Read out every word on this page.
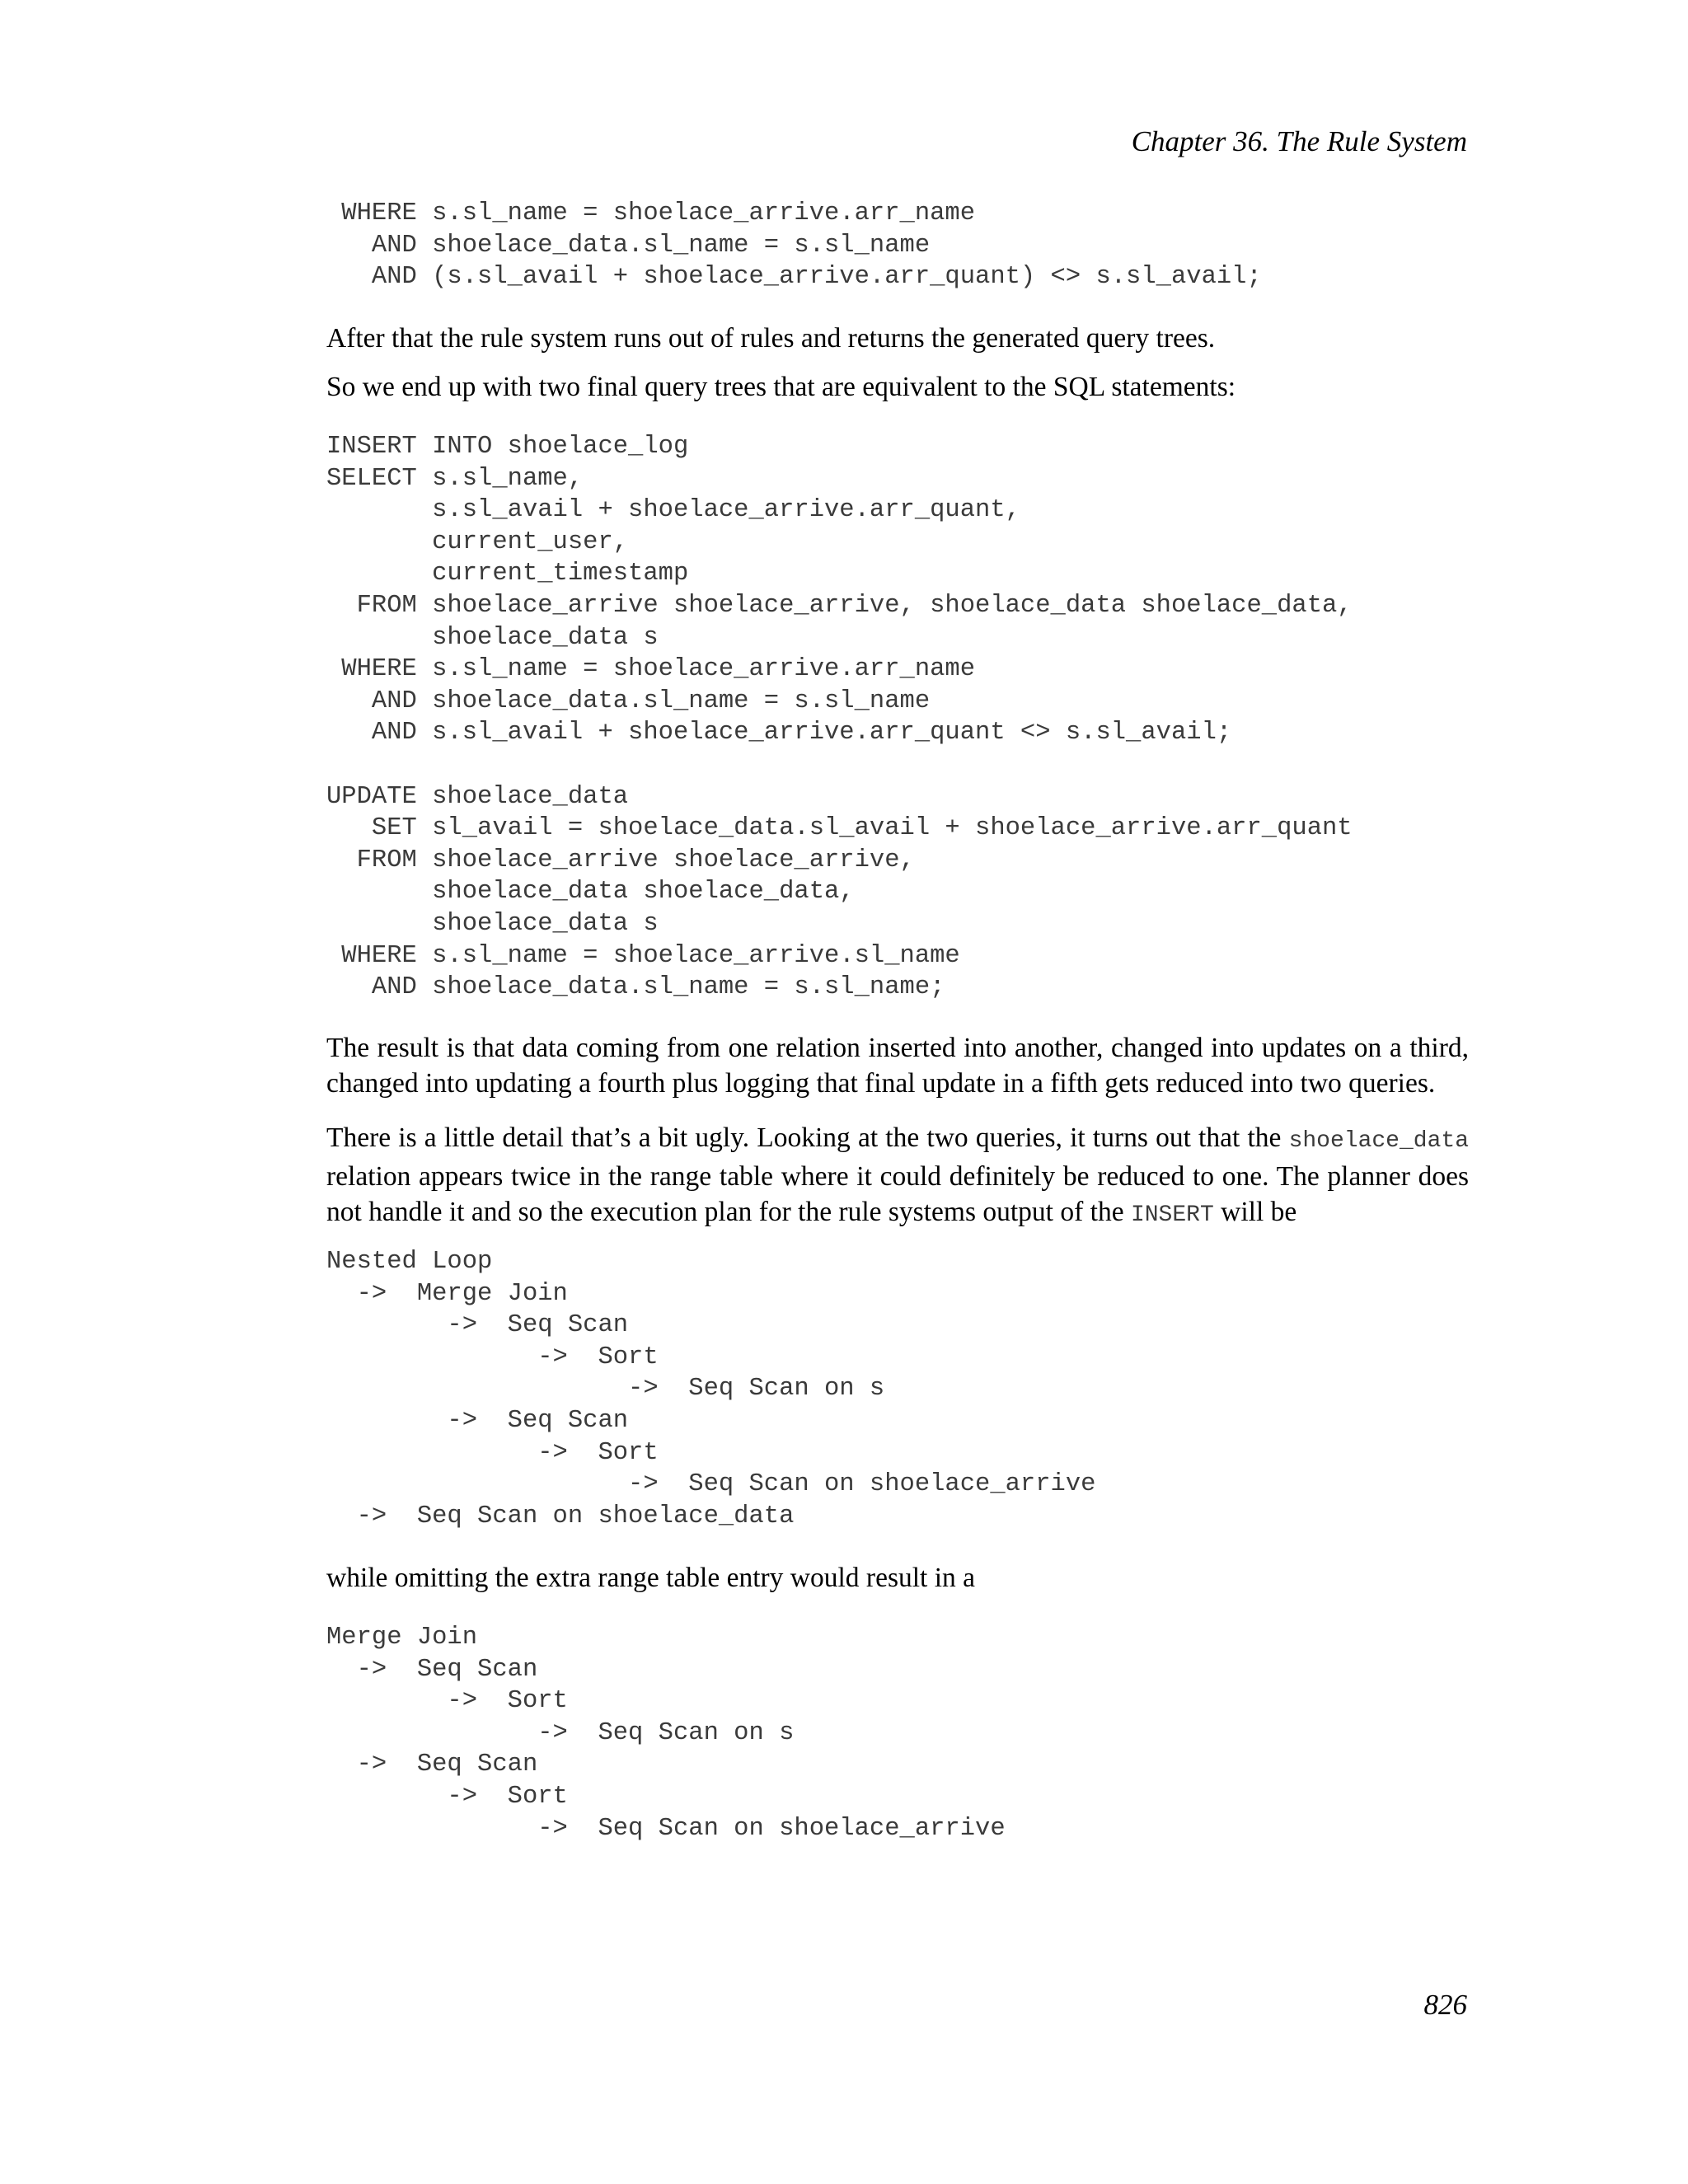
Chapter 36. The Rule System
WHERE s.sl_name = shoelace_arrive.arr_name
AND shoelace_data.sl_name = s.sl_name
AND (s.sl_avail + shoelace_arrive.arr_quant) <> s.sl_avail;

After that the rule system runs out of rules and returns the generated query trees.

So we end up with two final query trees that are equivalent to the SQL statements:

INSERT INTO shoelace_log
SELECT s.sl_name,
s.sl_avail + shoelace_arrive.arr_quant,
current_user,
current_timestamp
FROM shoelace_arrive shoelace_arrive, shoelace_data shoelace_data,
shoelace_data s
WHERE s.sl_name = shoelace_arrive.arr_name
AND shoelace_data.sl_name = s.sl_name
AND s.sl_avail + shoelace_arrive.arr_quant <> s.sl_avail;

UPDATE shoelace_data
SET sl_avail = shoelace_data.sl_avail + shoelace_arrive.arr_quant
FROM shoelace_arrive shoelace_arrive,
shoelace_data shoelace_data,
shoelace_data s
WHERE s.sl_name = shoelace_arrive.sl_name
AND shoelace_data.sl_name = s.sl_name;

The result is that data coming from one relation inserted into another, changed into updates on a third, changed into updating a fourth plus logging that final update in a fifth gets reduced into two queries.

There is a little detail that’s a bit ugly. Looking at the two queries, it turns out that the shoelace_data relation appears twice in the range table where it could definitely be reduced to one. The planner does not handle it and so the execution plan for the rule systems output of the INSERT will be

Nested Loop
->  Merge Join
->  Seq Scan
->  Sort
->  Seq Scan on s
->  Seq Scan
->  Sort
->  Seq Scan on shoelace_arrive
->  Seq Scan on shoelace_data

while omitting the extra range table entry would result in a

Merge Join
->  Seq Scan
->  Sort
->  Seq Scan on s
->  Seq Scan
->  Sort
->  Seq Scan on shoelace_arrive
826
